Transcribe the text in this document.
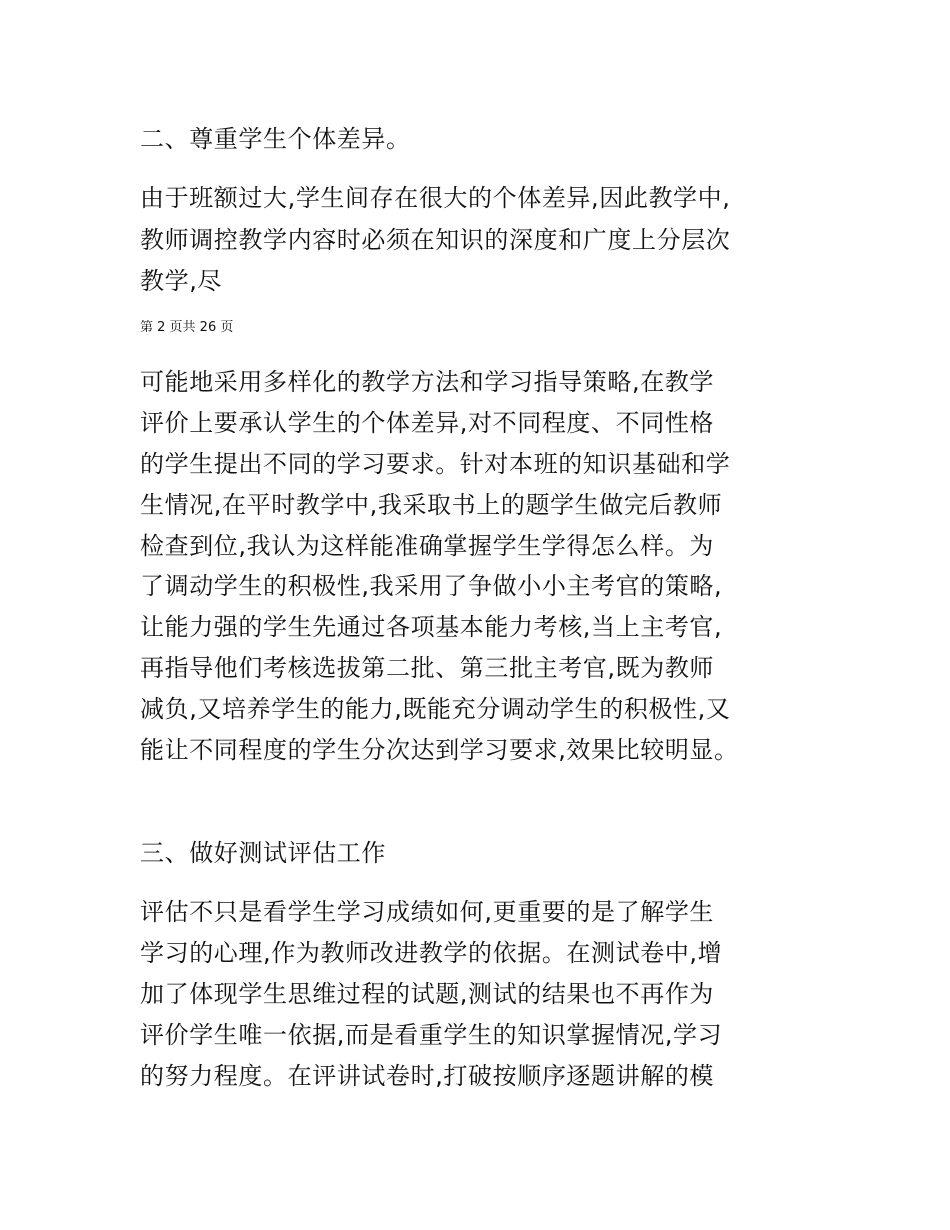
二、尊重学生个体差异。
由于班额过大,学生间存在很大的个体差异,因此教学中,
教师调控教学内容时必须在知识的深度和广度上分层次
教学,尽
第 2 页共 26 页
可能地采用多样化的教学方法和学习指导策略,在教学
评价上要承认学生的个体差异,对不同程度、不同性格
的学生提出不同的学习要求。针对本班的知识基础和学
生情况,在平时教学中,我采取书上的题学生做完后教师
检查到位,我认为这样能准确掌握学生学得怎么样。为
了调动学生的积极性,我采用了争做小小主考官的策略,
让能力强的学生先通过各项基本能力考核,当上主考官,
再指导他们考核选拔第二批、第三批主考官,既为教师
减负,又培养学生的能力,既能充分调动学生的积极性,又
能让不同程度的学生分次达到学习要求,效果比较明显。
三、做好测试评估工作
评估不只是看学生学习成绩如何,更重要的是了解学生
学习的心理,作为教师改进教学的依据。在测试卷中,增
加了体现学生思维过程的试题,测试的结果也不再作为
评价学生唯一依据,而是看重学生的知识掌握情况,学习
的努力程度。在评讲试卷时,打破按顺序逐题讲解的模
